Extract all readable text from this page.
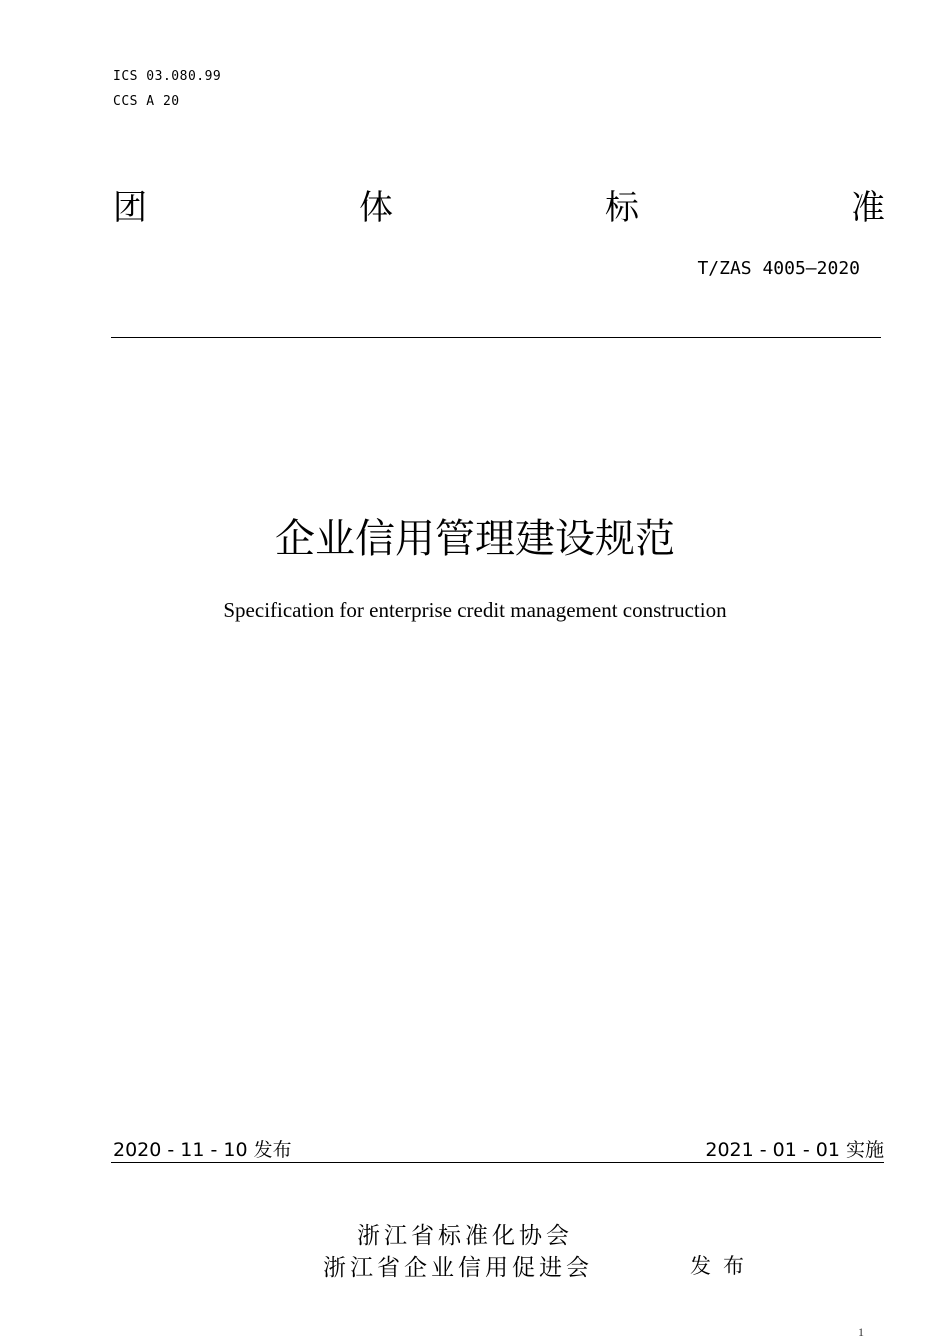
ICS 03.080.99
CCS A 20
团	体	标	准
T/ZAS 4005—2020
企业信用管理建设规范
Specification for enterprise credit management construction
2020 - 11 - 10 发布	2021 - 01 - 01 实施
浙江省标准化协会
浙江省企业信用促进会	发布
1
